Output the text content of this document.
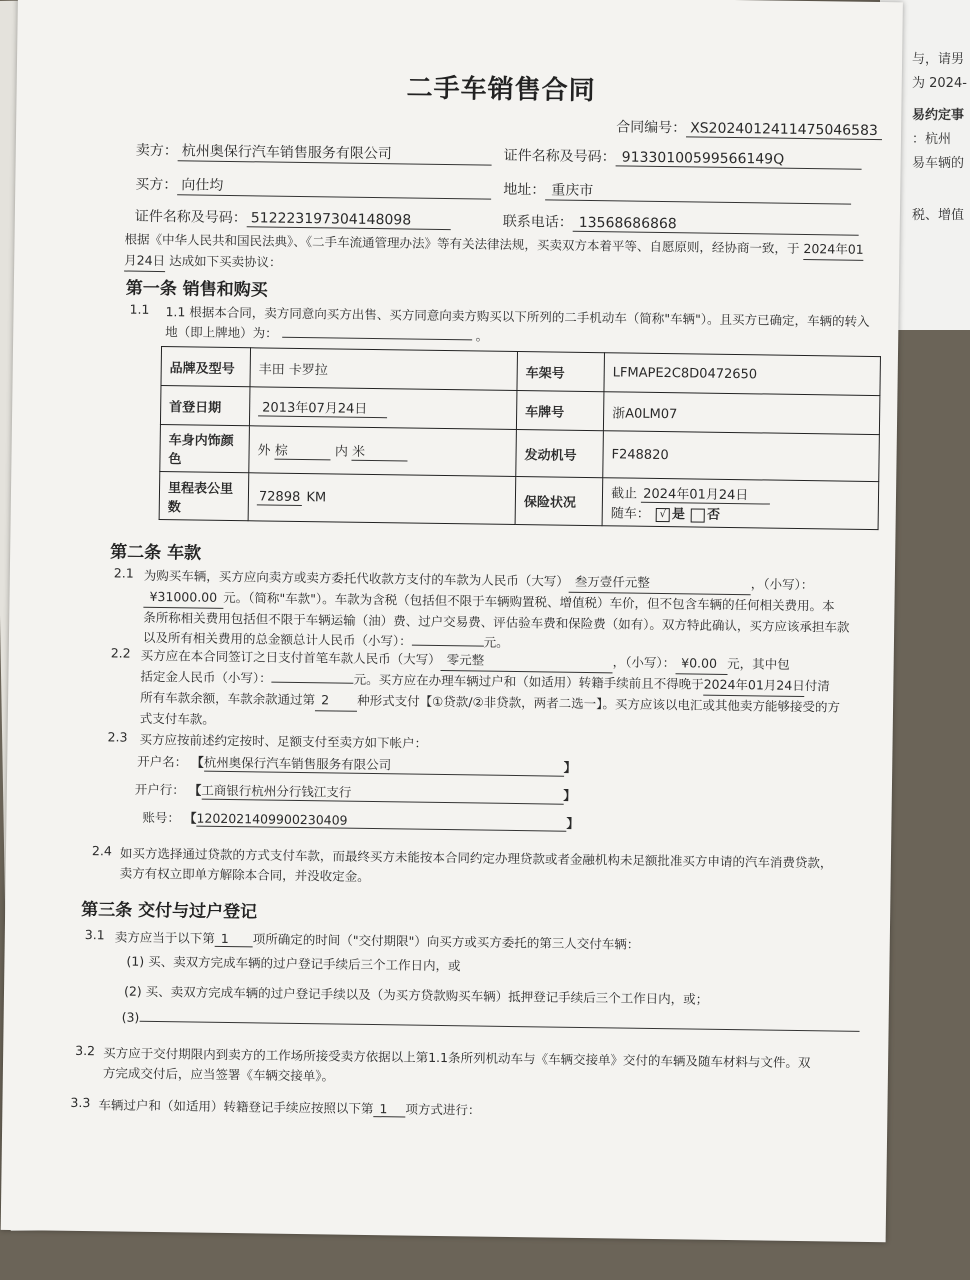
与，请男
为 2024-
易约定事
：杭州
易车辆的
税、增值
二手车销售合同
合同编号： XS2024012411475046583
卖方： 杭州奥保行汽车销售服务有限公司	证件名称及号码： 91330100599566149Q
买方： 向仕均	地址： 重庆市
证件名称及号码： 512223197304148098	联系电话： 13568686868
根据《中华人民共和国民法典》、《二手车流通管理办法》等有关法律法规，买卖双方本着平等、自愿原则，经协商一致，于 2024年01
月24日 达成如下买卖协议：
第一条 销售和购买
1.1 1.1 根据本合同，卖方同意向买方出售、买方同意向卖方购买以下所列的二手机动车（简称"车辆"）。且买方已确定，车辆的转入
地（即上牌地）为：	。
品牌及型号	丰田 卡罗拉	车架号	LFMAPE2C8D0472650
首登日期	2013年07月24日	车牌号	浙A0LM07
车身内饰颜色	外 棕 内 米	发动机号	F248820
里程表公里数	72898 KM	保险状况	截止 2024年01月24日
随车： √ 是 否
第二条 车款
2.1 为购买车辆，买方应向卖方或卖方委托代收款方支付的车款为人民币（大写） 叁万壹仟元整	，（小写）：
¥31000.00 元。（简称"车款"）。车款为含税（包括但不限于车辆购置税、增值税）车价，但不包含车辆的任何相关费用。本
条所称相关费用包括但不限于车辆运输（油）费、过户交易费、评估验车费和保险费（如有）。双方特此确认，买方应该承担车款
以及所有相关费用的总金额总计人民币（小写）：	元。
2.2 买方应在本合同签订之日支付首笔车款人民币（大写） 零元整	，（小写）： ¥0.00 元，其中包
括定金人民币（小写）：	元。买方应在办理车辆过户和（如适用）转籍手续前且不得晚于2024年01月24日付清
所有车款余额，车款余款通过第 2 种形式支付【①贷款/②非贷款，两者二选一】。买方应该以电汇或其他卖方能够接受的方
式支付车款。
2.3 买方应按前述约定按时、足额支付至卖方如下帐户：
开户名： 【杭州奥保行汽车销售服务有限公司	】
开户行： 【工商银行杭州分行钱江支行	】
账号： 【1202021409900230409	】
2.4 如买方选择通过贷款的方式支付车款，而最终买方未能按本合同约定办理贷款或者金融机构未足额批准买方申请的汽车消费贷款，
卖方有权立即单方解除本合同，并没收定金。
第三条 交付与过户登记
3.1 卖方应当于以下第 1 项所确定的时间（"交付期限"）向买方或买方委托的第三人交付车辆：
(1) 买、卖双方完成车辆的过户登记手续后三个工作日内，或
(2) 买、卖双方完成车辆的过户登记手续以及（为买方贷款购买车辆）抵押登记手续后三个工作日内，或；
(3)
3.2 买方应于交付期限内到卖方的工作场所接受卖方依据以上第1.1条所列机动车与《车辆交接单》交付的车辆及随车材料与文件。双
方完成交付后，应当签署《车辆交接单》。
3.3 车辆过户和（如适用）转籍登记手续应按照以下第 1 项方式进行：
